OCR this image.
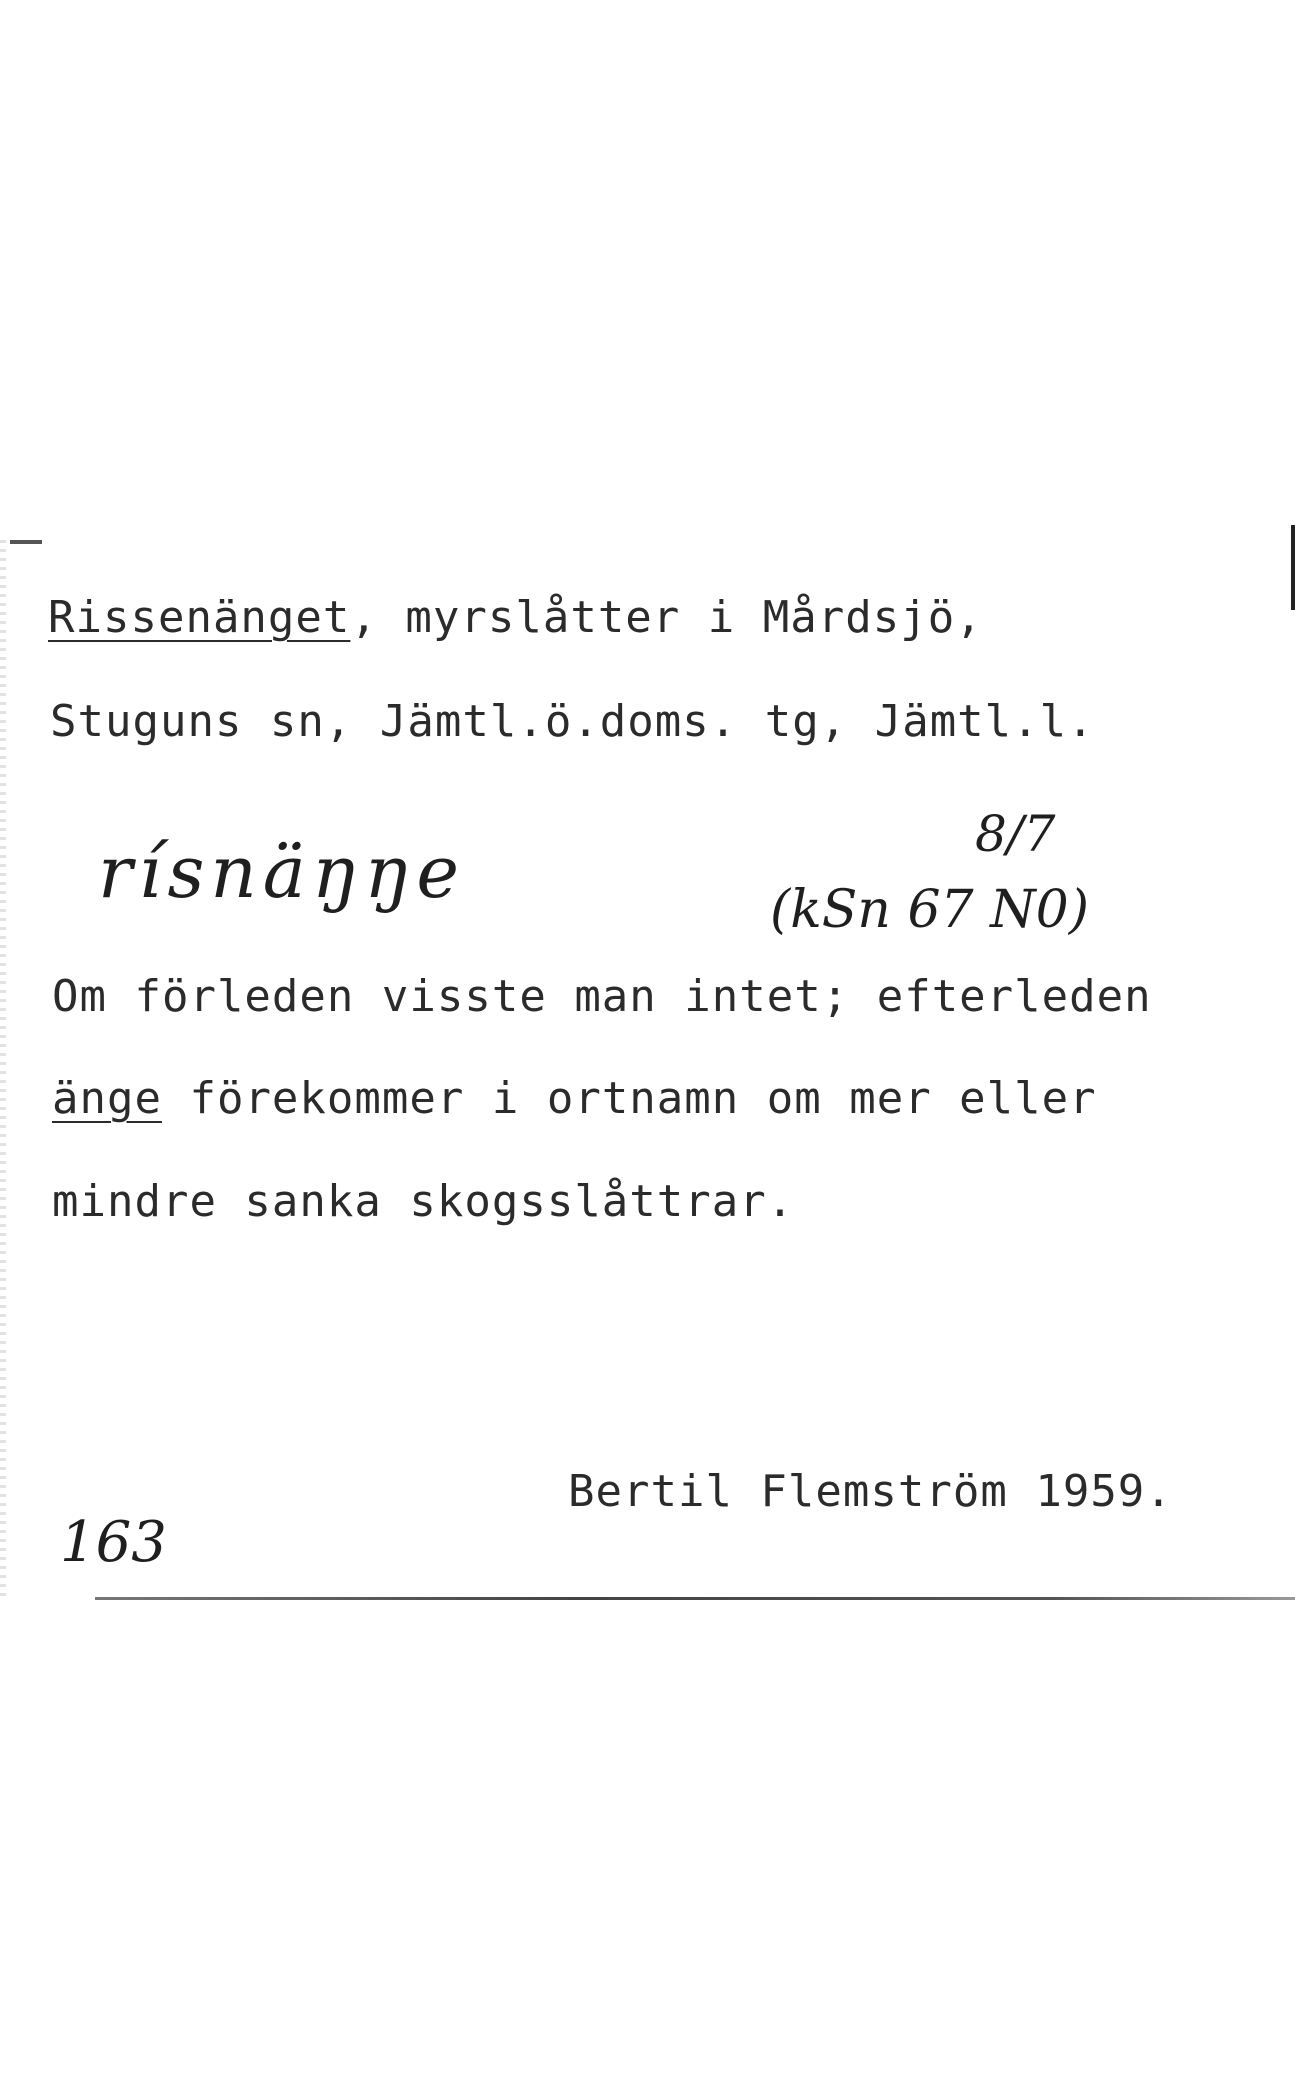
Rissenänget, myrslåtter i Mårdsjö,
Stuguns sn, Jämtl.ö.doms. tg, Jämtl.l.
rísnäŋŋe	8/7
(kSn 67 N0)
Om förleden visste man intet; efterleden
änge förekommer i ortnamn om mer eller
mindre sanka skogsslåttrar.
Bertil Flemström 1959.
163
